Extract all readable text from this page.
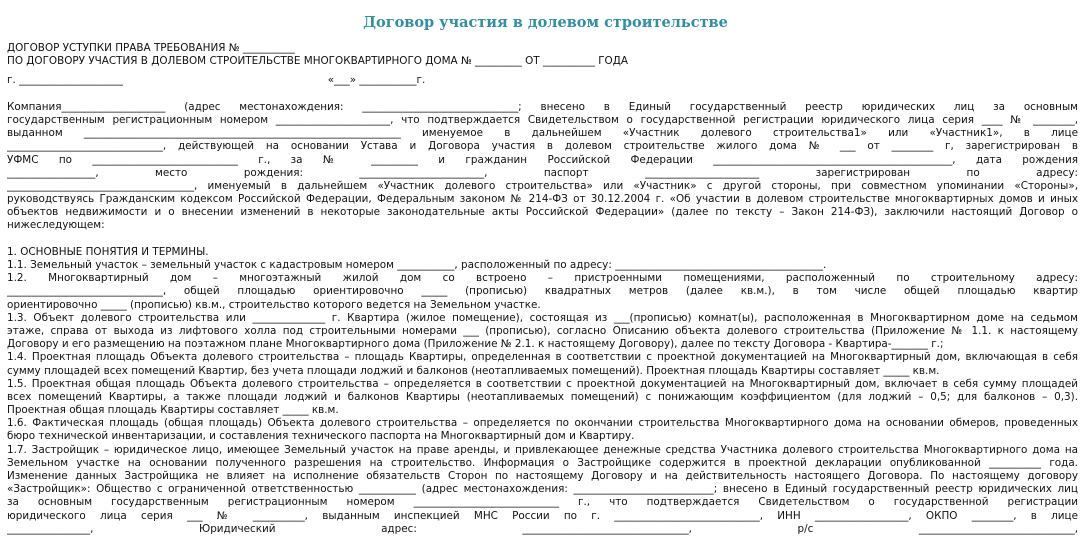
Договор участия в долевом строительстве
ДОГОВОР УСТУПКИ ПРАВА ТРЕБОВАНИЯ № __________
ПО ДОГОВОРУ УЧАСТИЯ В ДОЛЕВОМ СТРОИТЕЛЬСТВЕ МНОГОКВАРТИРНОГО ДОМА № _________ ОТ __________ ГОДА
г. ____________________                                                              «___» ___________г.
Компания____________________ (адрес местонахождения: ______________________________; внесено в Единый государственный реестр юридических лиц за основным
государственным регистрационным номером ______________________, что подтверждается Свидетельством о государственной регистрации юридического лица серия ____ № ________,
выданном _____________________________________________________________ именуемое в дальнейшем «Участник долевого строительства1» или «Участник1», в лице
______________________________, действующей на основании Устава и Договора участия в долевом строительстве жилого дома № ___ от ________ г, зарегистрирован в
УФМС по ____________________________ г., за № _________ и гражданин Российской Федерации ______________________________________________, дата рождения
_________________, место рождения: ________________________, паспорт ______________________ зарегистрирован по адресу:
____________________________________, именуемый в дальнейшем «Участник долевого строительства» или «Участник» с другой стороны, при совместном упоминании «Стороны»,
руководствуясь Гражданским кодексом Российской Федерации, Федеральным законом № 214-ФЗ от 30.12.2004 г. «Об участии в долевом строительстве многоквартирных домов и иных
объектов недвижимости и о внесении изменений в некоторые законодательные акты Российской Федерации» (далее по тексту – Закон 214-ФЗ), заключили настоящий Договор о
нижеследующем:
1. ОСНОВНЫЕ ПОНЯТИЯ И ТЕРМИНЫ.
1.1. Земельный участок – земельный участок с кадастровым номером ___________, расположенный по адресу: ________________________________________.
1.2. Многоквартирный дом – многоэтажный жилой дом со встроено – пристроенными помещениями, расположенный по строительному адресу:
______________________________, общей площадью ориентировочно _____ (прописью) квадратных метров (далее кв.м.), в том числе общей площадью квартир
ориентировочно _____ (прописью) кв.м., строительство которого ведется на Земельном участке.
1.3. Объект долевого строительства или ______________ г. Квартира (жилое помещение), состоящая из ___(прописью) комнат(ы), расположенная в Многоквартирном доме на седьмом
этаже, справа от выхода из лифтового холла под строительными номерами ___ (прописью), согласно Описанию объекта долевого строительства (Приложение № 1.1. к настоящему
Договору и его размещению на поэтажном плане Многоквартирного дома (Приложение № 2.1. к настоящему Договору), далее по тексту Договора - Квартира-_______ г.;
1.4. Проектная площадь Объекта долевого строительства – площадь Квартиры, определенная в соответствии с проектной документацией на Многоквартирный дом, включающая в себя
сумму площадей всех помещений Квартир, без учета площади лоджий и балконов (неотапливаемых помещений). Проектная площадь Квартиры составляет _____ кв.м.
1.5. Проектная общая площадь Объекта долевого строительства – определяется в соответствии с проектной документацией на Многоквартирный дом, включает в себя сумму площадей
всех помещений Квартиры, а также площади лоджий и балконов Квартиры (неотапливаемых помещений) с понижающим коэффициентом (для лоджий – 0,5; для балконов – 0,3).
Проектная общая площадь Квартиры составляет _____ кв.м.
1.6. Фактическая площадь (общая площадь) Объекта долевого строительства – определяется по окончании строительства Многоквартирного дома на основании обмеров, проведенных
бюро технической инвентаризации, и составления технического паспорта на Многоквартирный дом и Квартиру.
1.7. Застройщик – юридическое лицо, имеющее Земельный участок на праве аренды, и привлекающее денежные средства Участника долевого строительства Многоквартирного дома на
Земельном участке на основании полученного разрешения на строительство. Информация о Застройщике содержится в проектной декларации опубликованной __________ года.
Изменение данных Застройщика не влияет на исполнение обязательств Сторон по настоящему Договору и на действительность настоящего Договора. По настоящему договору
«Застройщик»: Общество с ограниченной ответственностью ___________ (адрес местонахождения: ___________________________; внесено в Единый государственный реестр юридических лиц
за основным государственным регистрационным номером ____________________________ г., что подтверждается Свидетельством о государственной регистрации
юридического лица серия ___ № __________, выданным инспекцией МНС России по г. ____________________________, ИНН __________________, ОКПО ________, в лице
________________, Юридический адрес: ________________________________, р/с ______________________________,
